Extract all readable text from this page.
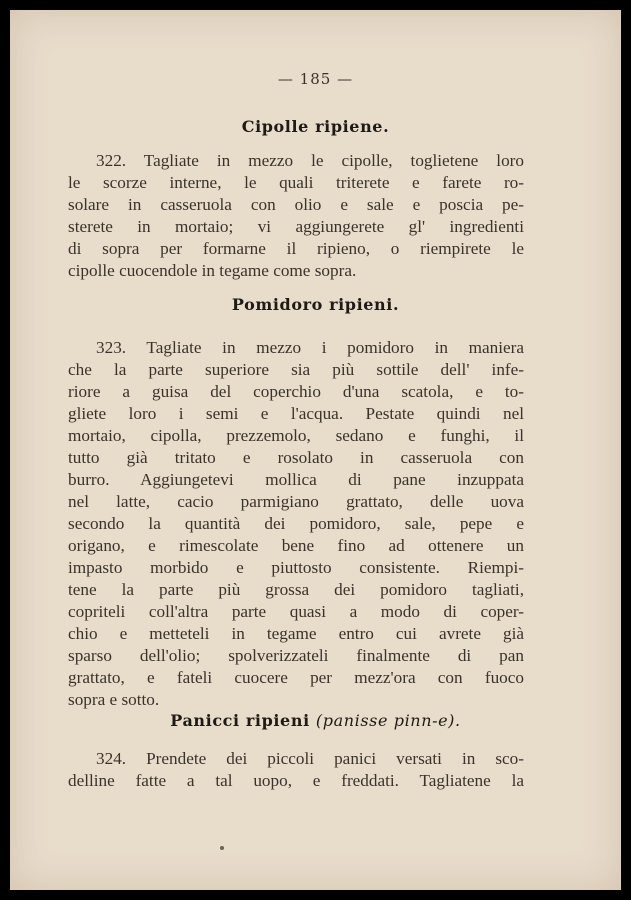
— 185 —
Cipolle ripiene.
322. Tagliate in mezzo le cipolle, toglietene loro
le scorze interne, le quali triterete e farete ro-
solare in casseruola con olio e sale e poscia pe-
sterete in mortaio; vi aggiungerete gl' ingredienti
di sopra per formarne il ripieno, o riempirete le
cipolle cuocendole in tegame come sopra.
Pomidoro ripieni.
323. Tagliate in mezzo i pomidoro in maniera
che la parte superiore sia più sottile dell' infe-
riore a guisa del coperchio d'una scatola, e to-
gliete loro i semi e l'acqua. Pestate quindi nel
mortaio, cipolla, prezzemolo, sedano e funghi, il
tutto già tritato e rosolato in casseruola con
burro. Aggiungetevi mollica di pane inzuppata
nel latte, cacio parmigiano grattato, delle uova
secondo la quantità dei pomidoro, sale, pepe e
origano, e rimescolate bene fino ad ottenere un
impasto morbido e piuttosto consistente. Riempi-
tene la parte più grossa dei pomidoro tagliati,
copriteli coll'altra parte quasi a modo di coper-
chio e metteteli in tegame entro cui avrete già
sparso dell'olio; spolverizzateli finalmente di pan
grattato, e fateli cuocere per mezz'ora con fuoco
sopra e sotto.
Panicci ripieni (panisse pinn-e).
324. Prendete dei piccoli panici versati in sco-
delline fatte a tal uopo, e freddati. Tagliatene la
